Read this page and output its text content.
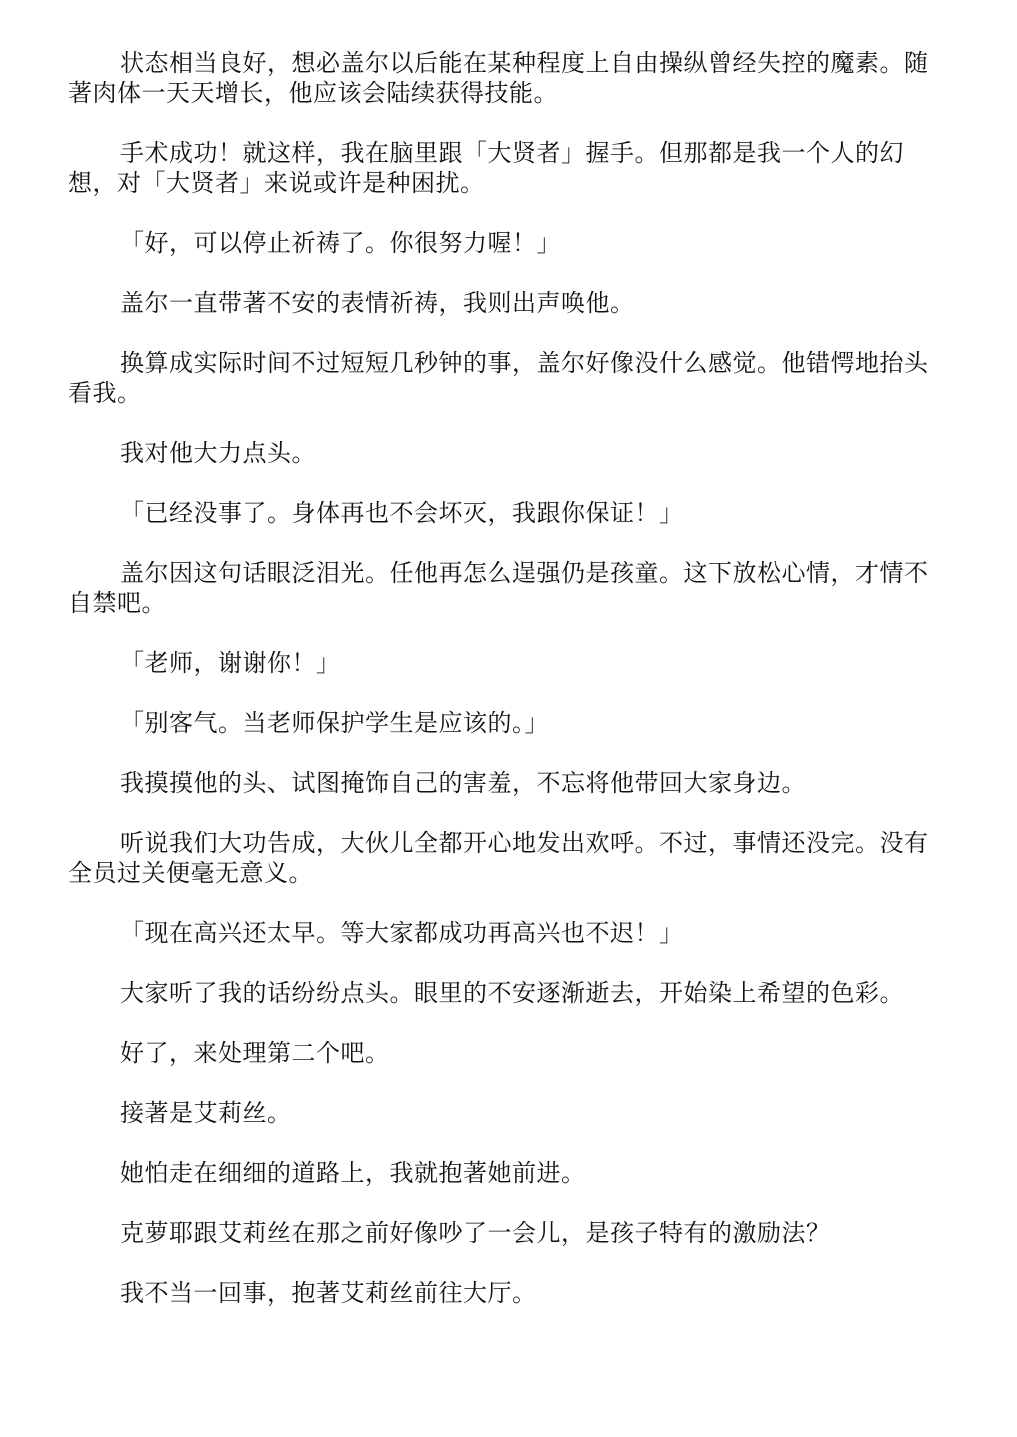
状态相当良好，想必盖尔以后能在某种程度上自由操纵曾经失控的魔素。随著肉体一天天增长，他应该会陆续获得技能。

手术成功！就这样，我在脑里跟「大贤者」握手。但那都是我一个人的幻想，对「大贤者」来说或许是种困扰。

「好，可以停止祈祷了。你很努力喔！」

盖尔一直带著不安的表情祈祷，我则出声唤他。

换算成实际时间不过短短几秒钟的事，盖尔好像没什么感觉。他错愕地抬头看我。

我对他大力点头。

「已经没事了。身体再也不会坏灭，我跟你保证！」

盖尔因这句话眼泛泪光。任他再怎么逞强仍是孩童。这下放松心情，才情不自禁吧。

「老师，谢谢你！」

「别客气。当老师保护学生是应该的。」

我摸摸他的头、试图掩饰自己的害羞，不忘将他带回大家身边。

听说我们大功告成，大伙儿全都开心地发出欢呼。不过，事情还没完。没有全员过关便毫无意义。

「现在高兴还太早。等大家都成功再高兴也不迟！」

大家听了我的话纷纷点头。眼里的不安逐渐逝去，开始染上希望的色彩。

好了，来处理第二个吧。

接著是艾莉丝。

她怕走在细细的道路上，我就抱著她前进。

克萝耶跟艾莉丝在那之前好像吵了一会儿，是孩子特有的激励法？

我不当一回事，抱著艾莉丝前往大厅。
